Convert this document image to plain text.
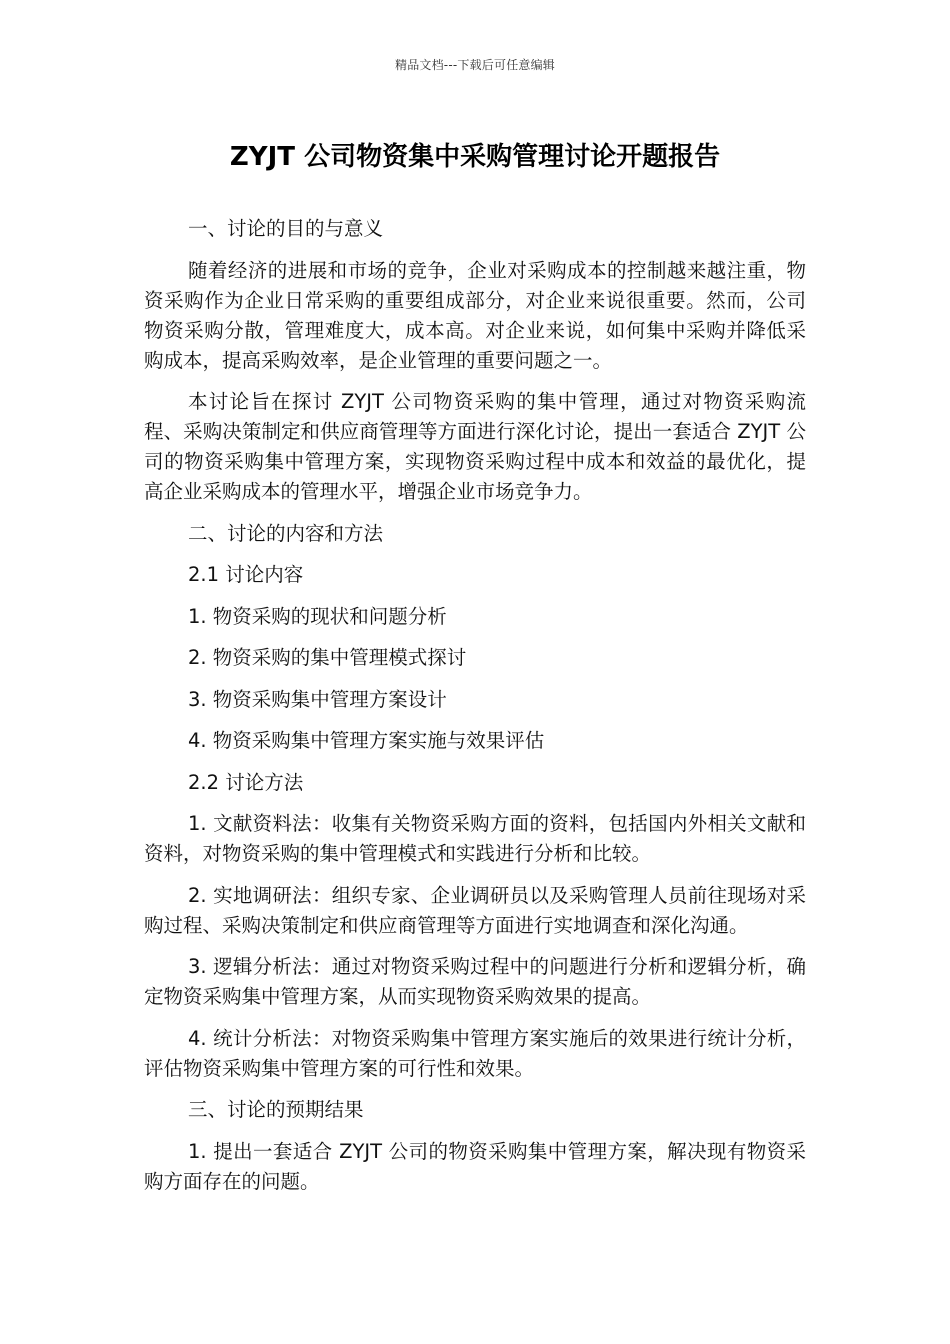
精品文档---下载后可任意编辑
ZYJT 公司物资集中采购管理讨论开题报告

一、讨论的目的与意义

随着经济的进展和市场的竞争，企业对采购成本的控制越来越注重，物资采购作为企业日常采购的重要组成部分，对企业来说很重要。然而，公司物资采购分散，管理难度大，成本高。对企业来说，如何集中采购并降低采购成本，提高采购效率，是企业管理的重要问题之一。

本讨论旨在探讨 ZYJT 公司物资采购的集中管理，通过对物资采购流程、采购决策制定和供应商管理等方面进行深化讨论，提出一套适合 ZYJT 公司的物资采购集中管理方案，实现物资采购过程中成本和效益的最优化，提高企业采购成本的管理水平，增强企业市场竞争力。

二、讨论的内容和方法

2.1 讨论内容

1. 物资采购的现状和问题分析

2. 物资采购的集中管理模式探讨

3. 物资采购集中管理方案设计

4. 物资采购集中管理方案实施与效果评估

2.2 讨论方法

1. 文献资料法：收集有关物资采购方面的资料，包括国内外相关文献和资料，对物资采购的集中管理模式和实践进行分析和比较。

2. 实地调研法：组织专家、企业调研员以及采购管理人员前往现场对采购过程、采购决策制定和供应商管理等方面进行实地调查和深化沟通。

3. 逻辑分析法：通过对物资采购过程中的问题进行分析和逻辑分析，确定物资采购集中管理方案，从而实现物资采购效果的提高。

4. 统计分析法：对物资采购集中管理方案实施后的效果进行统计分析，评估物资采购集中管理方案的可行性和效果。

三、讨论的预期结果

1. 提出一套适合 ZYJT 公司的物资采购集中管理方案，解决现有物资采购方面存在的问题。
